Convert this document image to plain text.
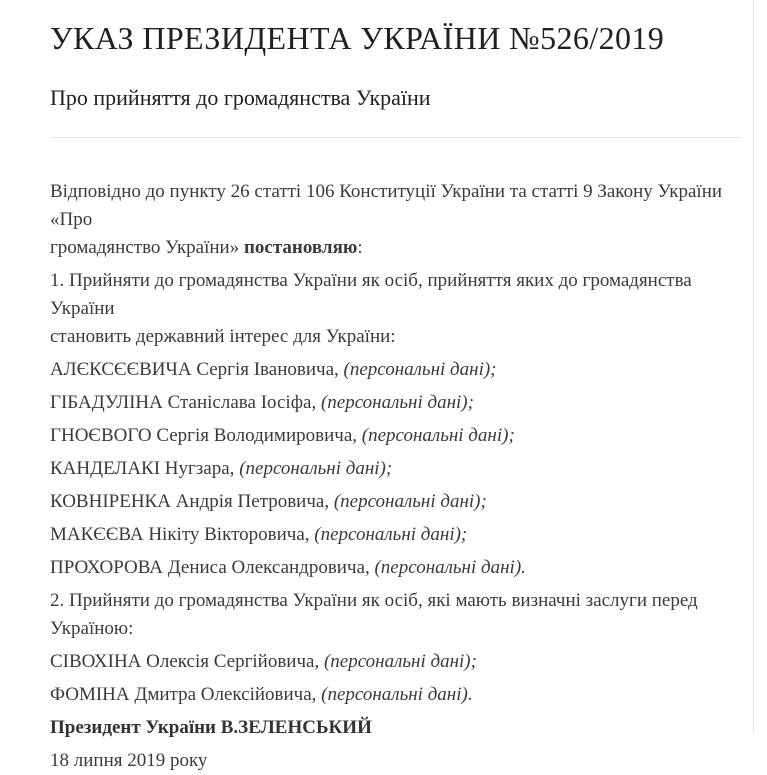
УКАЗ ПРЕЗИДЕНТА УКРАЇНИ №526/2019
Про прийняття до громадянства України

Відповідно до пункту 26 статті 106 Конституції України та статті 9 Закону України «Про
громадянство України» постановляю:

1. Прийняти до громадянства України як осіб, прийняття яких до громадянства України
становить державний інтерес для України:

АЛЄКСЄЄВИЧА Сергія Івановича, (персональні дані);

ГІБАДУЛІНА Станіслава Іосіфа, (персональні дані);

ГНОЄВОГО Сергія Володимировича, (персональні дані);

КАНДЕЛАКІ Нугзара, (персональні дані);

КОВНІРЕНКА Андрія Петровича, (персональні дані);

МАКЄЄВА Нікіту Вікторовича, (персональні дані);

ПРОХОРОВА Дениса Олександровича, (персональні дані).

2. Прийняти до громадянства України як осіб, які мають визначні заслуги перед
Україною:

СІВОХІНА Олексія Сергійовича, (персональні дані);

ФОМІНА Дмитра Олексійовича, (персональні дані).

Президент України В.ЗЕЛЕНСЬКИЙ

18 липня 2019 року
